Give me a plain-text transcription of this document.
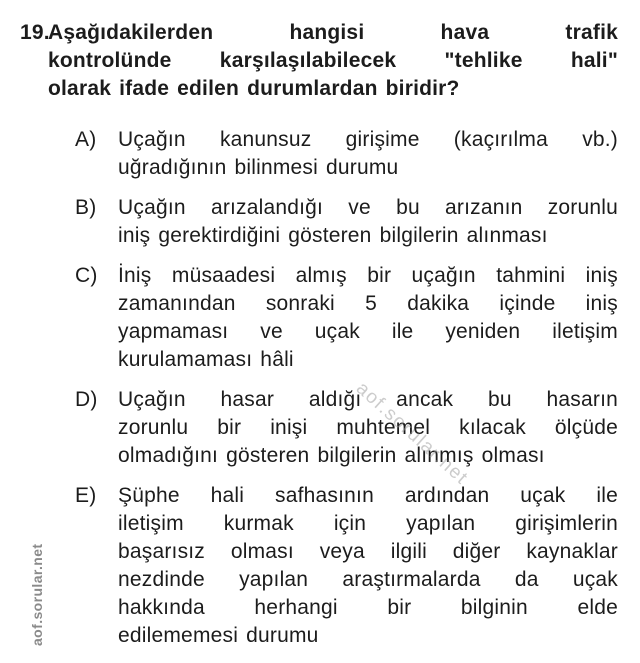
19.
Aşağıdakilerden hangisi hava trafik
kontrolünde karşılaşılabilecek "tehlike hali"
olarak ifade edilen durumlardan biridir?
A)	Uçağın kanunsuz girişime (kaçırılma vb.)
uğradığının bilinmesi durumu
B)	Uçağın arızalandığı ve bu arızanın zorunlu
iniş gerektirdiğini gösteren bilgilerin alınması
C) İniş müsaadesi almış bir uçağın tahmini iniş
zamanından sonraki 5 dakika içinde iniş
yapmaması ve uçak ile yeniden iletişim
kurulamaması hâli
D) Uçağın hasar aldığı ancak bu hasarın
zorunlu bir inişi muhtemel kılacak ölçüde
olmadığını gösteren bilgilerin alınmış olması
E)	Şüphe hali safhasının ardından uçak ile
iletişim kurmak için yapılan girişimlerin
başarısız olması veya ilgili diğer kaynaklar
nezdinde yapılan araştırmalarda da uçak
hakkında herhangi bir bilginin elde
edilememesi durumu
aof.sorular.net
aof.sorular.net
